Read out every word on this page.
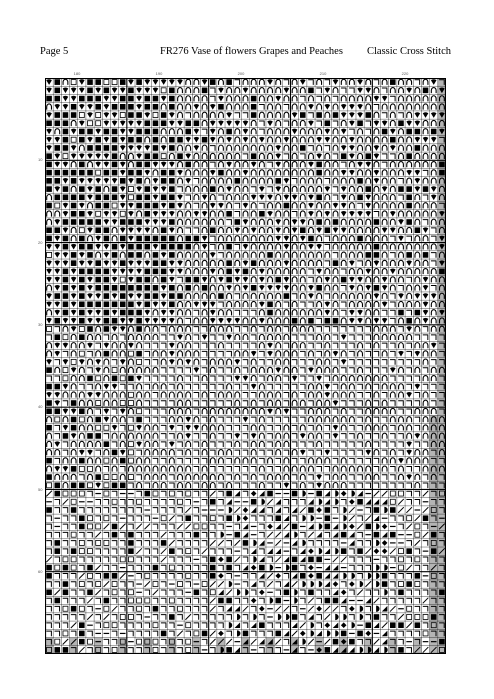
Page 5	FR276 Vase of flowers Grapes and Peaches Classic Cross Stitch
180	190	200	210	220
10
20
30
40
50
60
